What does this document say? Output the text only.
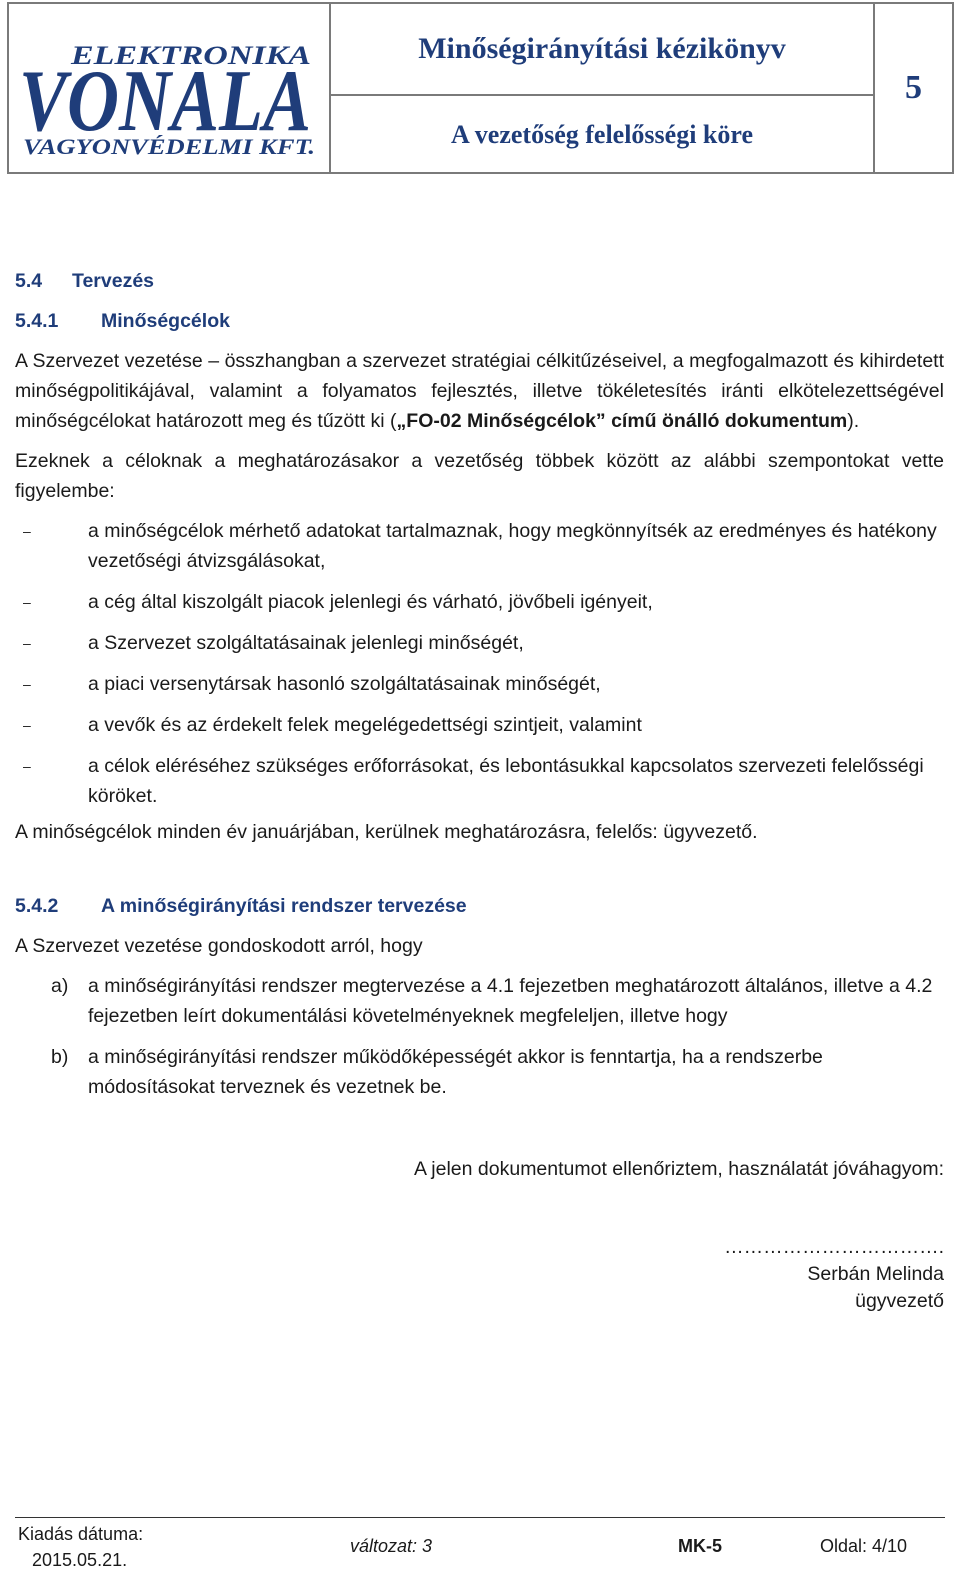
ELEKTRONIKA
VONALA
VAGYONVÉDELMI KFT.
Minőségirányítási kézikönyv
A vezetőség felelősségi köre
5
5.4 Tervezés
5.4.1 Minőségcélok

A Szervezet vezetése – összhangban a szervezet stratégiai célkitűzéseivel, a megfogalmazott és kihirdetett minőségpolitikájával, valamint a folyamatos fejlesztés, illetve tökéletesítés iránti elkötelezettségével minőségcélokat határozott meg és tűzött ki („FO-02 Minőségcélok” című önálló dokumentum).

Ezeknek a céloknak a meghatározásakor a vezetőség többek között az alábbi szempontokat vette figyelembe:

–	a minőségcélok mérhető adatokat tartalmaznak, hogy megkönnyítsék az eredményes és hatékony vezetőségi átvizsgálásokat,
–	a cég által kiszolgált piacok jelenlegi és várható, jövőbeli igényeit,
–	a Szervezet szolgáltatásainak jelenlegi minőségét,
–	a piaci versenytársak hasonló szolgáltatásainak minőségét,
–	a vevők és az érdekelt felek megelégedettségi szintjeit, valamint
–	a célok eléréséhez szükséges erőforrásokat, és lebontásukkal kapcsolatos szervezeti felelősségi köröket.

A minőségcélok minden év januárjában, kerülnek meghatározásra, felelős: ügyvezető.

5.4.2 A minőségirányítási rendszer tervezése

A Szervezet vezetése gondoskodott arról, hogy

a) a minőségirányítási rendszer megtervezése a 4.1 fejezetben meghatározott általános, illetve a 4.2 fejezetben leírt dokumentálási követelményeknek megfeleljen, illetve hogy
b) a minőségirányítási rendszer működőképességét akkor is fenntartja, ha a rendszerbe módosításokat terveznek és vezetnek be.
A jelen dokumentumot ellenőriztem, használatát jóváhagyom:
…………………………….
Serbán Melinda
ügyvezető
Kiadás dátuma:
2015.05.21.
változat: 3	MK-5	Oldal: 4/10
